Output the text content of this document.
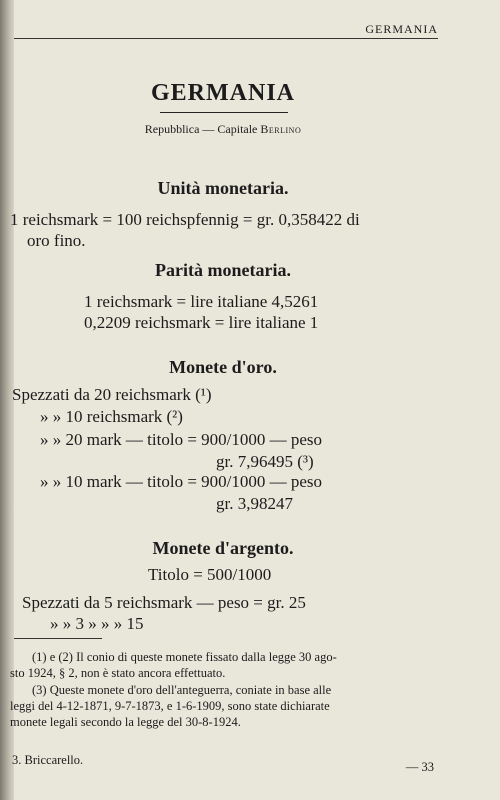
GERMANIA
GERMANIA
Repubblica — Capitale Berlino
Unità monetaria.
1 reichsmark = 100 reichspfennig = gr. 0,358422 di
oro fino.
Parità monetaria.
1 reichsmark = lire italiane 4,5261
0,2209 reichsmark = lire italiane 1
Monete d'oro.
Spezzati da 20 reichsmark (¹)
» » 10 reichsmark (²)
» » 20 mark — titolo = 900/1000 — peso
gr. 7,96495 (³)
» » 10 mark — titolo = 900/1000 — peso
gr. 3,98247
Monete d'argento.
Titolo = 500/1000
Spezzati da 5 reichsmark — peso = gr. 25
» » 3 » » » 15
(1) e (2) Il conio di queste monete fissato dalla legge 30 ago-
sto 1924, § 2, non è stato ancora effettuato.
(3) Queste monete d'oro dell'anteguerra, coniate in base alle
leggi del 4-12-1871, 9-7-1873, e 1-6-1909, sono state dichiarate
monete legali secondo la legge del 30-8-1924.
3. Briccarello.	— 33
